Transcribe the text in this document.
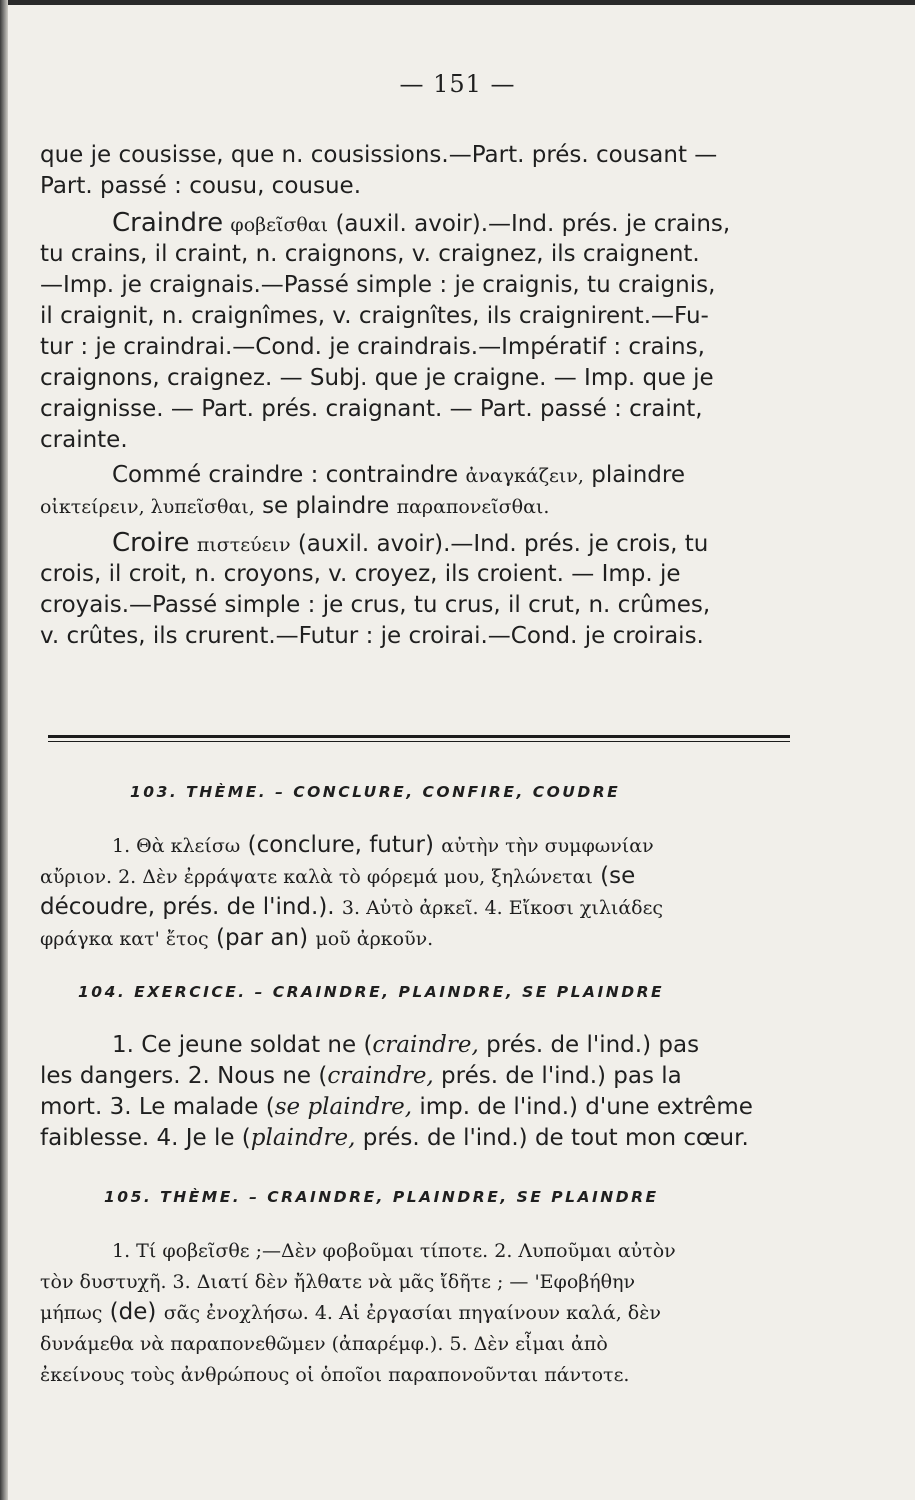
— 151 —
que je cousisse, que n. cousissions.—Part. prés. cousant —
Part. passé : cousu, cousue.
Craindre φοβεῖσθαι (auxil. avoir).—Ind. prés. je crains,
tu crains, il craint, n. craignons, v. craignez, ils craignent.
—Imp. je craignais.—Passé simple : je craignis, tu craignis,
il craignit, n. craignîmes, v. craignîtes, ils craignirent.—Fu-
tur : je craindrai.—Cond. je craindrais.—Impératif : crains,
craignons, craignez. — Subj. que je craigne. — Imp. que je
craignisse. — Part. prés. craignant. — Part. passé : craint,
crainte.
Commé craindre : contraindre ἀναγκάζειν, plaindre
οἰκτείρειν, λυπεῖσθαι, se plaindre παραπονεῖσθαι.
Croire πιστεύειν (auxil. avoir).—Ind. prés. je crois, tu
crois, il croit, n. croyons, v. croyez, ils croient. — Imp. je
croyais.—Passé simple : je crus, tu crus, il crut, n. crûmes,
v. crûtes, ils crurent.—Futur : je croirai.—Cond. je croirais.
103. THÈME. – CONCLURE, CONFIRE, COUDRE
1. Θὰ κλείσω (conclure, futur) αὐτὴν τὴν συμφωνίαν
αὔριον. 2. Δὲν ἐρράψατε καλὰ τὸ φόρεμά μου, ξηλώνεται (se
découdre, prés. de l'ind.). 3. Αὐτὸ ἀρκεῖ. 4. Εἴκοσι χιλιάδες
φράγκα κατ' ἔτος (par an) μοῦ ἀρκοῦν.
104. EXERCICE. – CRAINDRE, PLAINDRE, SE PLAINDRE
1. Ce jeune soldat ne (craindre, prés. de l'ind.) pas
les dangers. 2. Nous ne (craindre, prés. de l'ind.) pas la
mort. 3. Le malade (se plaindre, imp. de l'ind.) d'une extrême
faiblesse. 4. Je le (plaindre, prés. de l'ind.) de tout mon cœur.
105. THÈME. – CRAINDRE, PLAINDRE, SE PLAINDRE
1. Τί φοβεῖσθε ;—Δὲν φοβοῦμαι τίποτε. 2. Λυποῦμαι αὐτὸν
τὸν δυστυχῆ. 3. Διατί δὲν ἤλθατε νὰ μᾶς ἴδῆτε ; — 'Εφοβήθην
μήπως (de) σᾶς ἐνοχλήσω. 4. Αἱ ἐργασίαι πηγαίνουν καλά, δὲν
δυνάμεθα νὰ παραπονεθῶμεν (ἀπαρέμφ.). 5. Δὲν εἶμαι ἀπὸ
ἐκείνους τοὺς ἀνθρώπους οἱ ὁποῖοι παραπονοῦνται πάντοτε.
